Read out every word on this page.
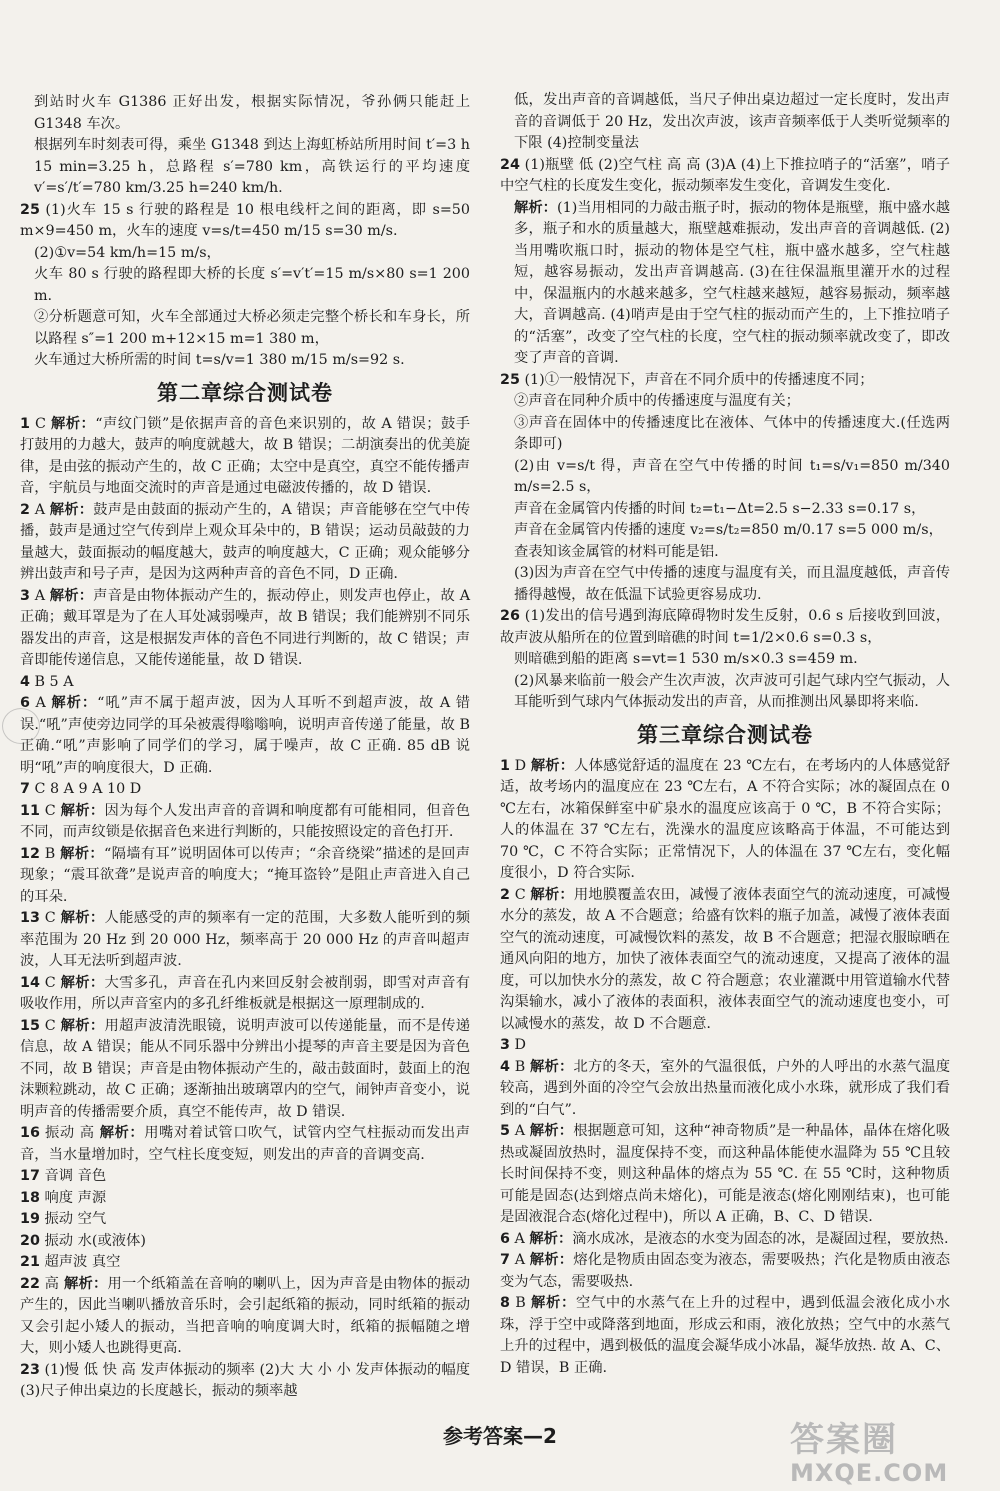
到站时火车 G1386 正好出发，根据实际情况，爷孙俩只能赶上 G1348 车次。

根据列车时刻表可得，乘坐 G1348 到达上海虹桥站所用时间 t′=3 h 15 min=3.25 h，总路程 s′=780 km，高铁运行的平均速度 v′=s′/t′=780 km/3.25 h=240 km/h.

25 (1)火车 15 s 行驶的路程是 10 根电线杆之间的距离，即 s=50 m×9=450 m，火车的速度 v=s/t=450 m/15 s=30 m/s.

(2)①v=54 km/h=15 m/s，

火车 80 s 行驶的路程即大桥的长度 s′=v′t′=15 m/s×80 s=1 200 m.

②分析题意可知，火车全部通过大桥必须走完整个桥长和车身长，所以路程 s″=1 200 m+12×15 m=1 380 m，

火车通过大桥所需的时间 t=s/v=1 380 m/15 m/s=92 s.

第二章综合测试卷

1 C 解析：“声纹门锁”是依据声音的音色来识别的，故 A 错误；鼓手打鼓用的力越大，鼓声的响度就越大，故 B 错误；二胡演奏出的优美旋律，是由弦的振动产生的，故 C 正确；太空中是真空，真空不能传播声音，宇航员与地面交流时的声音是通过电磁波传播的，故 D 错误.

2 A 解析：鼓声是由鼓面的振动产生的，A 错误；声音能够在空气中传播，鼓声是通过空气传到岸上观众耳朵中的，B 错误；运动员敲鼓的力量越大，鼓面振动的幅度越大，鼓声的响度越大，C 正确；观众能够分辨出鼓声和号子声，是因为这两种声音的音色不同，D 正确.

3 A 解析：声音是由物体振动产生的，振动停止，则发声也停止，故 A 正确；戴耳罩是为了在人耳处减弱噪声，故 B 错误；我们能辨别不同乐器发出的声音，这是根据发声体的音色不同进行判断的，故 C 错误；声音即能传递信息，又能传递能量，故 D 错误.

4 B 5 A

6 A 解析：“吼”声不属于超声波，因为人耳听不到超声波，故 A 错误.“吼”声使旁边同学的耳朵被震得嗡嗡响，说明声音传递了能量，故 B 正确.“吼”声影响了同学们的学习，属于噪声，故 C 正确. 85 dB 说明“吼”声的响度很大，D 正确.

7 C 8 A 9 A 10 D

11 C 解析：因为每个人发出声音的音调和响度都有可能相同，但音色不同，而声纹锁是依据音色来进行判断的，只能按照设定的音色打开.

12 B 解析：“隔墙有耳”说明固体可以传声；“余音绕梁”描述的是回声现象；“震耳欲聋”是说声音的响度大；“掩耳盗铃”是阻止声音进入自己的耳朵.

13 C 解析：人能感受的声的频率有一定的范围，大多数人能听到的频率范围为 20 Hz 到 20 000 Hz，频率高于 20 000 Hz 的声音叫超声波，人耳无法听到超声波.

14 C 解析：大雪多孔，声音在孔内来回反射会被削弱，即雪对声音有吸收作用，所以声音室内的多孔纤维板就是根据这一原理制成的.

15 C 解析：用超声波清洗眼镜，说明声波可以传递能量，而不是传递信息，故 A 错误；能从不同乐器中分辨出小提琴的声音主要是因为音色不同，故 B 错误；声音是由物体振动产生的，敲击鼓面时，鼓面上的泡沫颗粒跳动，故 C 正确；逐渐抽出玻璃罩内的空气，闹钟声音变小，说明声音的传播需要介质，真空不能传声，故 D 错误.

16 振动 高 解析：用嘴对着试管口吹气，试管内空气柱振动而发出声音，当水量增加时，空气柱长度变短，则发出的声音的音调变高.

17 音调 音色

18 响度 声源

19 振动 空气

20 振动 水(或液体)

21 超声波 真空

22 高 解析：用一个纸箱盖在音响的喇叭上，因为声音是由物体的振动产生的，因此当喇叭播放音乐时，会引起纸箱的振动，同时纸箱的振动又会引起小矮人的振动，当把音响的响度调大时，纸箱的振幅随之增大，则小矮人也跳得更高.

23 (1)慢 低 快 高 发声体振动的频率 (2)大 大 小 小 发声体振动的幅度 (3)尺子伸出桌边的长度越长，振动的频率越

低，发出声音的音调越低，当尺子伸出桌边超过一定长度时，发出声音的音调低于 20 Hz，发出次声波，该声音频率低于人类听觉频率的下限 (4)控制变量法

24 (1)瓶壁 低 (2)空气柱 高 高 (3)A (4)上下推拉哨子的“活塞”，哨子中空气柱的长度发生变化，振动频率发生变化，音调发生变化.

解析：(1)当用相同的力敲击瓶子时，振动的物体是瓶壁，瓶中盛水越多，瓶子和水的质量越大，瓶壁越难振动，发出声音的音调越低. (2)当用嘴吹瓶口时，振动的物体是空气柱，瓶中盛水越多，空气柱越短，越容易振动，发出声音调越高. (3)在往保温瓶里灌开水的过程中，保温瓶内的水越来越多，空气柱越来越短，越容易振动，频率越大，音调越高. (4)哨声是由于空气柱的振动而产生的，上下推拉哨子的“活塞”，改变了空气柱的长度，空气柱的振动频率就改变了，即改变了声音的音调.

25 (1)①一般情况下，声音在不同介质中的传播速度不同；

②声音在同种介质中的传播速度与温度有关；

③声音在固体中的传播速度比在液体、气体中的传播速度大.(任选两条即可)

(2)由 v=s/t 得，声音在空气中传播的时间 t₁=s/v₁=850 m/340 m/s=2.5 s，

声音在金属管内传播的时间 t₂=t₁−Δt=2.5 s−2.33 s=0.17 s，

声音在金属管内传播的速度 v₂=s/t₂=850 m/0.17 s=5 000 m/s，

查表知该金属管的材料可能是铝.

(3)因为声音在空气中传播的速度与温度有关，而且温度越低，声音传播得越慢，故在低温下试验更容易成功.

26 (1)发出的信号遇到海底障碍物时发生反射，0.6 s 后接收到回波，故声波从船所在的位置到暗礁的时间 t=1/2×0.6 s=0.3 s，

则暗礁到船的距离 s=vt=1 530 m/s×0.3 s=459 m.

(2)风暴来临前一般会产生次声波，次声波可引起气球内空气振动，人耳能听到气球内气体振动发出的声音，从而推测出风暴即将来临.

第三章综合测试卷

1 D 解析：人体感觉舒适的温度在 23 ℃左右，在考场内的人体感觉舒适，故考场内的温度应在 23 ℃左右，A 不符合实际；冰的凝固点在 0 ℃左右，冰箱保鲜室中矿泉水的温度应该高于 0 ℃，B 不符合实际；人的体温在 37 ℃左右，洗澡水的温度应该略高于体温，不可能达到 70 ℃，C 不符合实际；正常情况下，人的体温在 37 ℃左右，变化幅度很小，D 符合实际.

2 C 解析：用地膜覆盖农田，减慢了液体表面空气的流动速度，可减慢水分的蒸发，故 A 不合题意；给盛有饮料的瓶子加盖，减慢了液体表面空气的流动速度，可减慢饮料的蒸发，故 B 不合题意；把湿衣服晾晒在通风向阳的地方，加快了液体表面空气的流动速度，又提高了液体的温度，可以加快水分的蒸发，故 C 符合题意；农业灌溉中用管道输水代替沟渠输水，减小了液体的表面积，液体表面空气的流动速度也变小，可以减慢水的蒸发，故 D 不合题意.

3 D

4 B 解析：北方的冬天，室外的气温很低，户外的人呼出的水蒸气温度较高，遇到外面的冷空气会放出热量而液化成小水珠，就形成了我们看到的“白气”.

5 A 解析：根据题意可知，这种“神奇物质”是一种晶体，晶体在熔化吸热或凝固放热时，温度保持不变，而这种晶体能使水温降为 55 ℃且较长时间保持不变，则这种晶体的熔点为 55 ℃. 在 55 ℃时，这种物质可能是固态(达到熔点尚未熔化)，可能是液态(熔化刚刚结束)，也可能是固液混合态(熔化过程中)，所以 A 正确，B、C、D 错误.

6 A 解析：滴水成冰，是液态的水变为固态的冰，是凝固过程，要放热.

7 A 解析：熔化是物质由固态变为液态，需要吸热；汽化是物质由液态变为气态，需要吸热.

8 B 解析：空气中的水蒸气在上升的过程中，遇到低温会液化成小水珠，浮于空中或降落到地面，形成云和雨，液化放热；空气中的水蒸气上升的过程中，遇到极低的温度会凝华成小冰晶，凝华放热. 故 A、C、D 错误，B 正确.

参考答案—2	答案圈
MXQE.COM
